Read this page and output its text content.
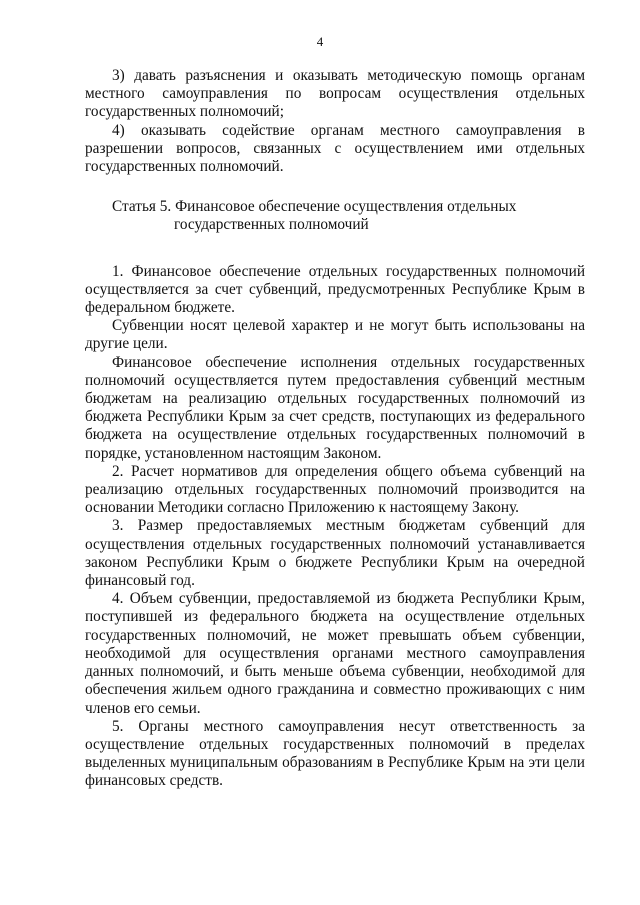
4

3) давать разъяснения и оказывать методическую помощь органам местного самоуправления по вопросам осуществления отдельных государственных полномочий;

4) оказывать содействие органам местного самоуправления в разрешении вопросов, связанных с осуществлением ими отдельных государственных полномочий.

Статья 5. Финансовое обеспечение осуществления отдельных
государственных полномочий

1. Финансовое обеспечение отдельных государственных полномочий осуществляется за счет субвенций, предусмотренных Республике Крым в федеральном бюджете.

Субвенции носят целевой характер и не могут быть использованы на другие цели.

Финансовое обеспечение исполнения отдельных государственных полномочий осуществляется путем предоставления субвенций местным бюджетам на реализацию отдельных государственных полномочий из бюджета Республики Крым за счет средств, поступающих из федерального бюджета на осуществление отдельных государственных полномочий в порядке, установленном настоящим Законом.

2. Расчет нормативов для определения общего объема субвенций на реализацию отдельных государственных полномочий производится на основании Методики согласно Приложению к настоящему Закону.

3. Размер предоставляемых местным бюджетам субвенций для осуществления отдельных государственных полномочий устанавливается законом Республики Крым о бюджете Республики Крым на очередной финансовый год.

4. Объем субвенции, предоставляемой из бюджета Республики Крым, поступившей из федерального бюджета на осуществление отдельных государственных полномочий, не может превышать объем субвенции, необходимой для осуществления органами местного самоуправления данных полномочий, и быть меньше объема субвенции, необходимой для обеспечения жильем одного гражданина и совместно проживающих с ним членов его семьи.

5. Органы местного самоуправления несут ответственность за осуществление отдельных государственных полномочий в пределах выделенных муниципальным образованиям в Республике Крым на эти цели финансовых средств.
